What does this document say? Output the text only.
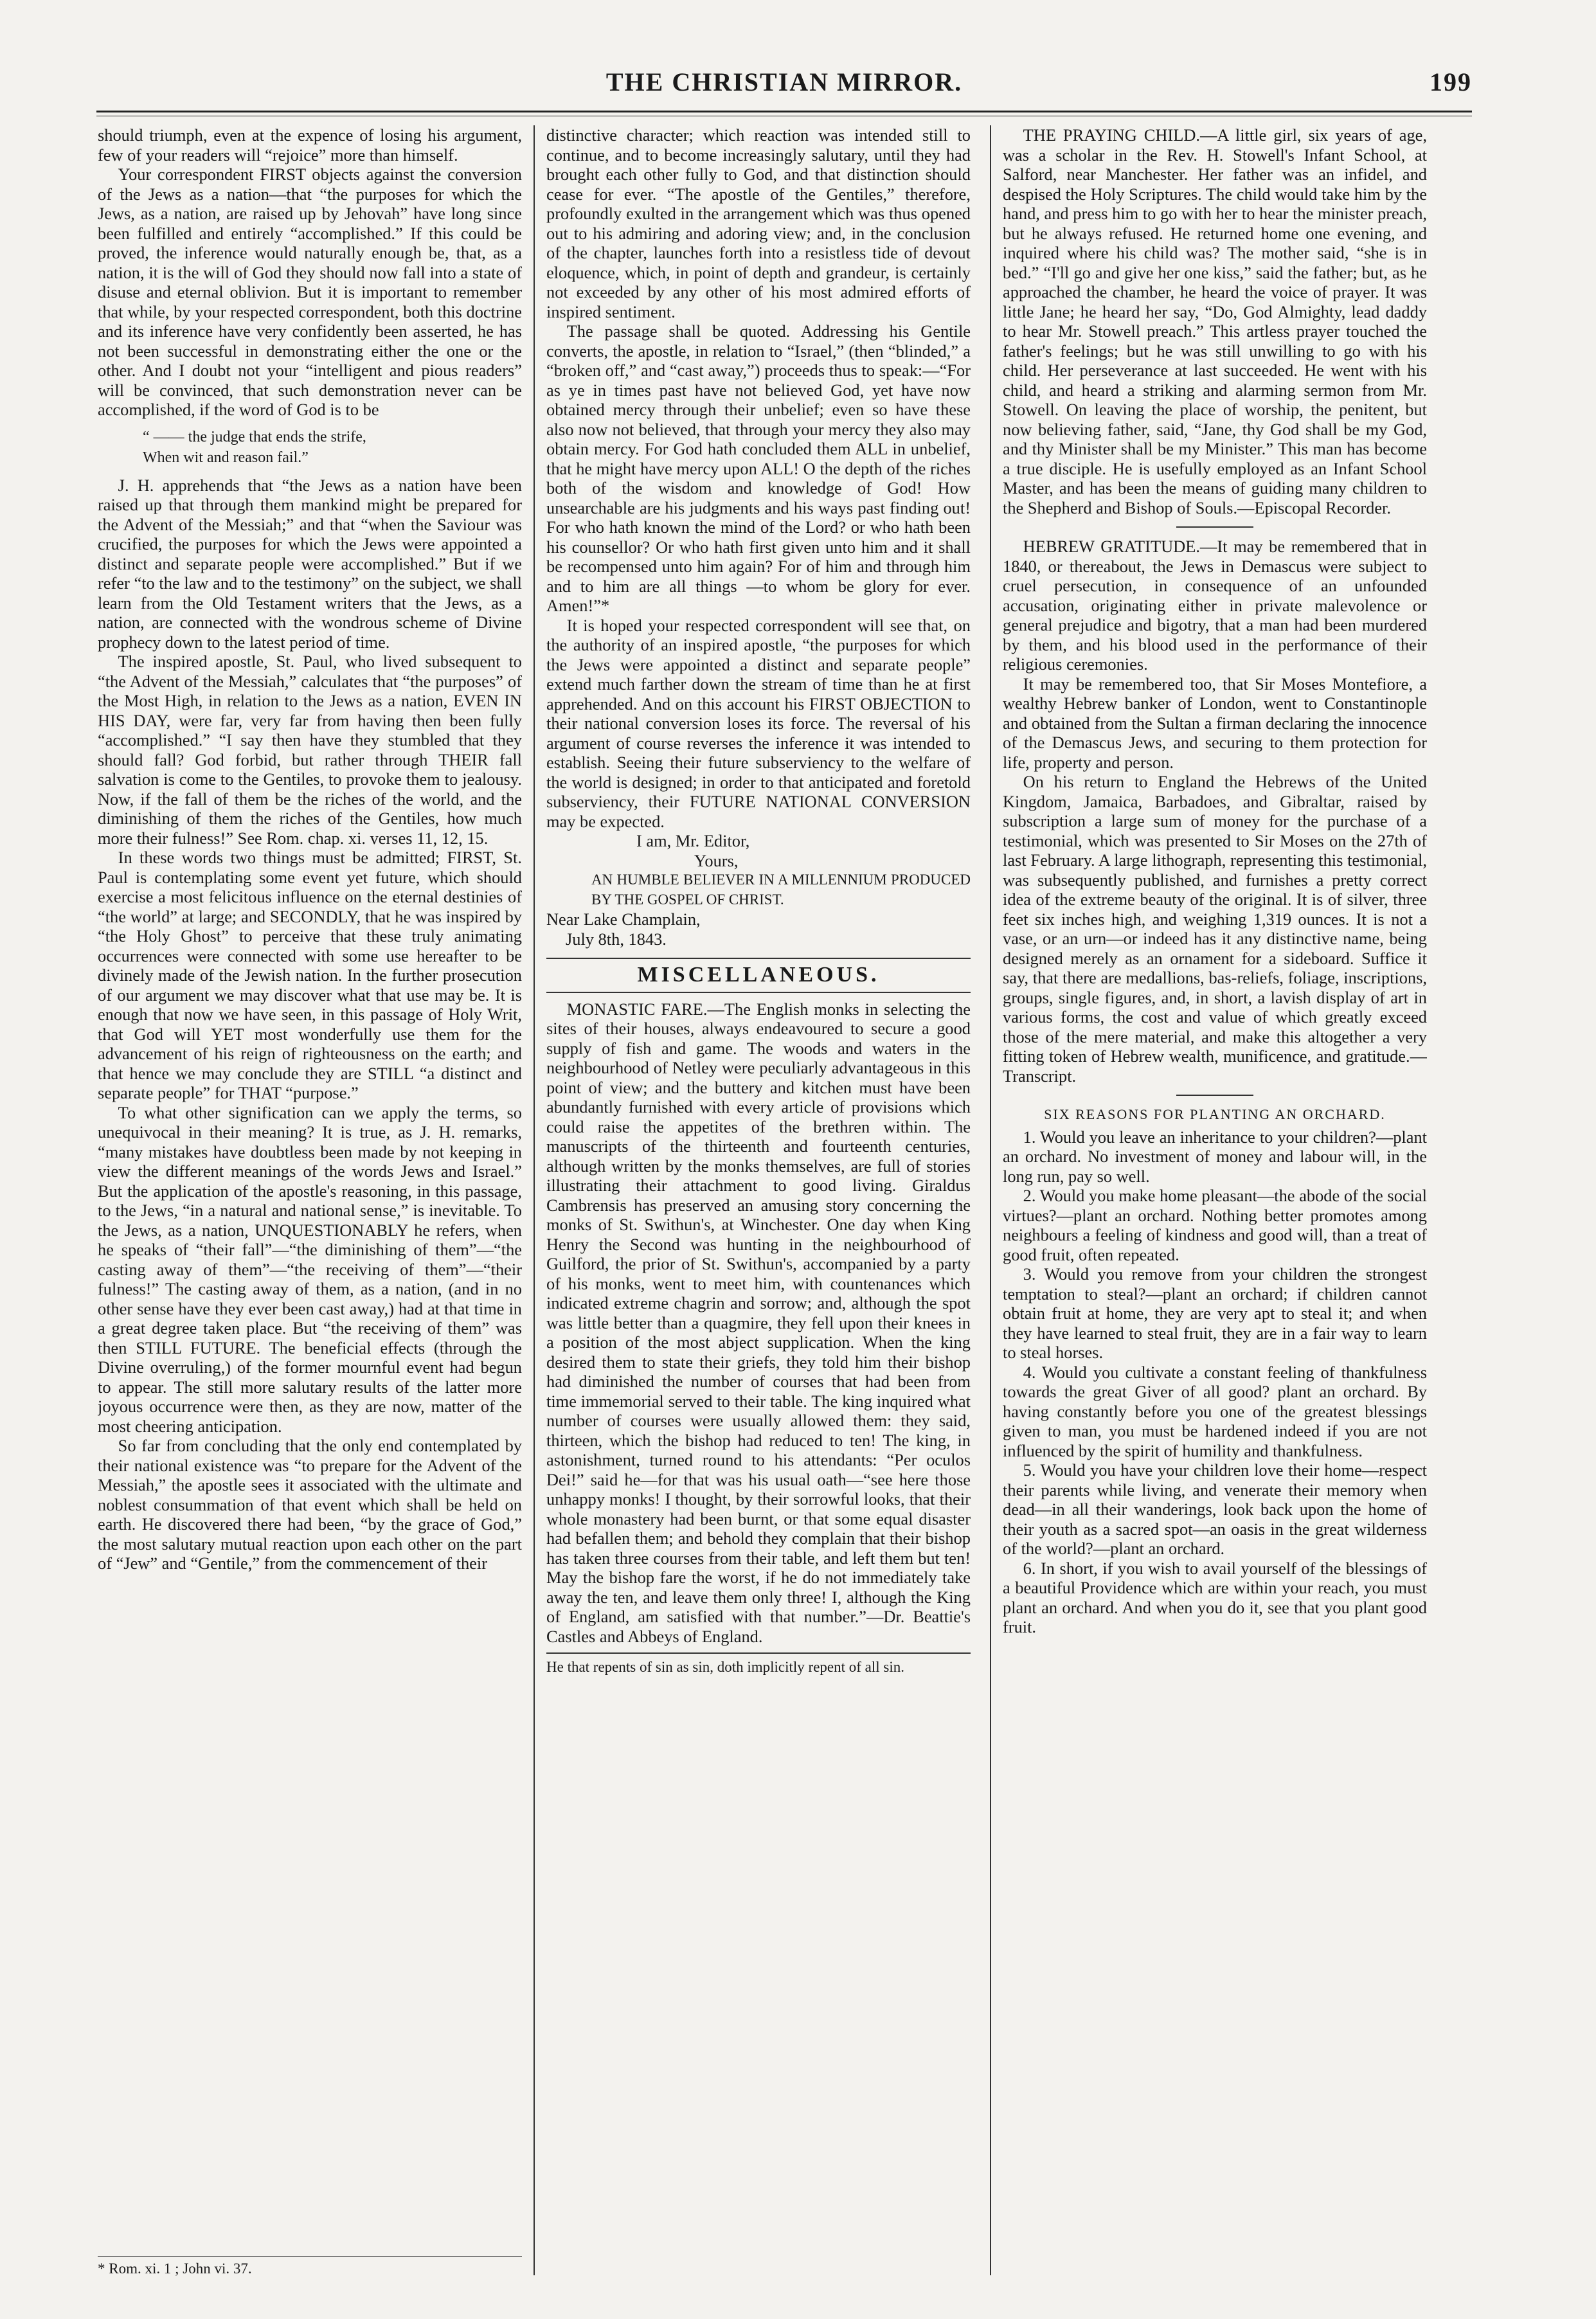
THE CHRISTIAN MIRROR.	199

should triumph, even at the expence of losing his argument, few of your readers will “rejoice” more than himself.

Your correspondent FIRST objects against the conversion of the Jews as a nation—that “the purposes for which the Jews, as a nation, are raised up by Jehovah” have long since been fulfilled and entirely “accomplished.” If this could be proved, the inference would naturally enough be, that, as a nation, it is the will of God they should now fall into a state of disuse and eternal oblivion. But it is important to remember that while, by your respected correspondent, both this doctrine and its inference have very confidently been asserted, he has not been successful in demonstrating either the one or the other. And I doubt not your “intelligent and pious readers” will be convinced, that such demonstration never can be accomplished, if the word of God is to be

“ —— the judge that ends the strife,

When wit and reason fail.”

J. H. apprehends that “the Jews as a nation have been raised up that through them mankind might be prepared for the Advent of the Messiah;” and that “when the Saviour was crucified, the purposes for which the Jews were appointed a distinct and separate people were accomplished.” But if we refer “to the law and to the testimony” on the subject, we shall learn from the Old Testament writers that the Jews, as a nation, are connected with the wondrous scheme of Divine prophecy down to the latest period of time.

The inspired apostle, St. Paul, who lived subsequent to “the Advent of the Messiah,” calculates that “the purposes” of the Most High, in relation to the Jews as a nation, EVEN IN HIS DAY, were far, very far from having then been fully “accomplished.” “I say then have they stumbled that they should fall? God forbid, but rather through THEIR fall salvation is come to the Gentiles, to provoke them to jealousy. Now, if the fall of them be the riches of the world, and the diminishing of them the riches of the Gentiles, how much more their fulness!” See Rom. chap. xi. verses 11, 12, 15.

In these words two things must be admitted; FIRST, St. Paul is contemplating some event yet future, which should exercise a most felicitous influence on the eternal destinies of “the world” at large; and SECONDLY, that he was inspired by “the Holy Ghost” to perceive that these truly animating occurrences were connected with some use hereafter to be divinely made of the Jewish nation. In the further prosecution of our argument we may discover what that use may be. It is enough that now we have seen, in this passage of Holy Writ, that God will YET most wonderfully use them for the advancement of his reign of righteousness on the earth; and that hence we may conclude they are STILL “a distinct and separate people” for THAT “purpose.”

To what other signification can we apply the terms, so unequivocal in their meaning? It is true, as J. H. remarks, “many mistakes have doubtless been made by not keeping in view the different meanings of the words Jews and Israel.” But the application of the apostle's reasoning, in this passage, to the Jews, “in a natural and national sense,” is inevitable. To the Jews, as a nation, UNQUESTIONABLY he refers, when he speaks of “their fall”—“the diminishing of them”—“the casting away of them”—“the receiving of them”—“their fulness!” The casting away of them, as a nation, (and in no other sense have they ever been cast away,) had at that time in a great degree taken place. But “the receiving of them” was then STILL FUTURE. The beneficial effects (through the Divine overruling,) of the former mournful event had begun to appear. The still more salutary results of the latter more joyous occurrence were then, as they are now, matter of the most cheering anticipation.

So far from concluding that the only end contemplated by their national existence was “to prepare for the Advent of the Messiah,” the apostle sees it associated with the ultimate and noblest consummation of that event which shall be held on earth. He discovered there had been, “by the grace of God,” the most salutary mutual reaction upon each other on the part of “Jew” and “Gentile,” from the commencement of their

* Rom. xi. 1 ; John vi. 37.

distinctive character; which reaction was intended still to continue, and to become increasingly salutary, until they had brought each other fully to God, and that distinction should cease for ever. “The apostle of the Gentiles,” therefore, profoundly exulted in the arrangement which was thus opened out to his admiring and adoring view; and, in the conclusion of the chapter, launches forth into a resistless tide of devout eloquence, which, in point of depth and grandeur, is certainly not exceeded by any other of his most admired efforts of inspired sentiment.

The passage shall be quoted. Addressing his Gentile converts, the apostle, in relation to “Israel,” (then “blinded,” a “broken off,” and “cast away,”) proceeds thus to speak:—“For as ye in times past have not believed God, yet have now obtained mercy through their unbelief; even so have these also now not believed, that through your mercy they also may obtain mercy. For God hath concluded them ALL in unbelief, that he might have mercy upon ALL! O the depth of the riches both of the wisdom and knowledge of God! How unsearchable are his judgments and his ways past finding out! For who hath known the mind of the Lord? or who hath been his counsellor? Or who hath first given unto him and it shall be recompensed unto him again? For of him and through him and to him are all things —to whom be glory for ever. Amen!”*

It is hoped your respected correspondent will see that, on the authority of an inspired apostle, “the purposes for which the Jews were appointed a distinct and separate people” extend much farther down the stream of time than he at first apprehended. And on this account his FIRST OBJECTION to their national conversion loses its force. The reversal of his argument of course reverses the inference it was intended to establish. Seeing their future subserviency to the welfare of the world is designed; in order to that anticipated and foretold subserviency, their FUTURE NATIONAL CONVERSION may be expected.

I am, Mr. Editor,

Yours,

AN HUMBLE BELIEVER IN A MILLENNIUM PRODUCED BY THE GOSPEL OF CHRIST.

Near Lake Champlain,

July 8th, 1843.

MISCELLANEOUS.

MONASTIC FARE.—The English monks in selecting the sites of their houses, always endeavoured to secure a good supply of fish and game. The woods and waters in the neighbourhood of Netley were peculiarly advantageous in this point of view; and the buttery and kitchen must have been abundantly furnished with every article of provisions which could raise the appetites of the brethren within. The manuscripts of the thirteenth and fourteenth centuries, although written by the monks themselves, are full of stories illustrating their attachment to good living. Giraldus Cambrensis has preserved an amusing story concerning the monks of St. Swithun's, at Winchester. One day when King Henry the Second was hunting in the neighbourhood of Guilford, the prior of St. Swithun's, accompanied by a party of his monks, went to meet him, with countenances which indicated extreme chagrin and sorrow; and, although the spot was little better than a quagmire, they fell upon their knees in a position of the most abject supplication. When the king desired them to state their griefs, they told him their bishop had diminished the number of courses that had been from time immemorial served to their table. The king inquired what number of courses were usually allowed them: they said, thirteen, which the bishop had reduced to ten! The king, in astonishment, turned round to his attendants: “Per oculos Dei!” said he—for that was his usual oath—“see here those unhappy monks! I thought, by their sorrowful looks, that their whole monastery had been burnt, or that some equal disaster had befallen them; and behold they complain that their bishop has taken three courses from their table, and left them but ten! May the bishop fare the worst, if he do not immediately take away the ten, and leave them only three! I, although the King of England, am satisfied with that number.”—Dr. Beattie's Castles and Abbeys of England.

He that repents of sin as sin, doth implicitly repent of all sin.

THE PRAYING CHILD.—A little girl, six years of age, was a scholar in the Rev. H. Stowell's Infant School, at Salford, near Manchester. Her father was an infidel, and despised the Holy Scriptures. The child would take him by the hand, and press him to go with her to hear the minister preach, but he always refused. He returned home one evening, and inquired where his child was? The mother said, “she is in bed.” “I'll go and give her one kiss,” said the father; but, as he approached the chamber, he heard the voice of prayer. It was little Jane; he heard her say, “Do, God Almighty, lead daddy to hear Mr. Stowell preach.” This artless prayer touched the father's feelings; but he was still unwilling to go with his child. Her perseverance at last succeeded. He went with his child, and heard a striking and alarming sermon from Mr. Stowell. On leaving the place of worship, the penitent, but now believing father, said, “Jane, thy God shall be my God, and thy Minister shall be my Minister.” This man has become a true disciple. He is usefully employed as an Infant School Master, and has been the means of guiding many children to the Shepherd and Bishop of Souls.—Episcopal Recorder.

HEBREW GRATITUDE.—It may be remembered that in 1840, or thereabout, the Jews in Demascus were subject to cruel persecution, in consequence of an unfounded accusation, originating either in private malevolence or general prejudice and bigotry, that a man had been murdered by them, and his blood used in the performance of their religious ceremonies.

It may be remembered too, that Sir Moses Montefiore, a wealthy Hebrew banker of London, went to Constantinople and obtained from the Sultan a firman declaring the innocence of the Demascus Jews, and securing to them protection for life, property and person.

On his return to England the Hebrews of the United Kingdom, Jamaica, Barbadoes, and Gibraltar, raised by subscription a large sum of money for the purchase of a testimonial, which was presented to Sir Moses on the 27th of last February. A large lithograph, representing this testimonial, was subsequently published, and furnishes a pretty correct idea of the extreme beauty of the original. It is of silver, three feet six inches high, and weighing 1,319 ounces. It is not a vase, or an urn—or indeed has it any distinctive name, being designed merely as an ornament for a sideboard. Suffice it say, that there are medallions, bas-reliefs, foliage, inscriptions, groups, single figures, and, in short, a lavish display of art in various forms, the cost and value of which greatly exceed those of the mere material, and make this altogether a very fitting token of Hebrew wealth, munificence, and gratitude.—Transcript.

SIX REASONS FOR PLANTING AN ORCHARD.

1. Would you leave an inheritance to your children?—plant an orchard. No investment of money and labour will, in the long run, pay so well.

2. Would you make home pleasant—the abode of the social virtues?—plant an orchard. Nothing better promotes among neighbours a feeling of kindness and good will, than a treat of good fruit, often repeated.

3. Would you remove from your children the strongest temptation to steal?—plant an orchard; if children cannot obtain fruit at home, they are very apt to steal it; and when they have learned to steal fruit, they are in a fair way to learn to steal horses.

4. Would you cultivate a constant feeling of thankfulness towards the great Giver of all good? plant an orchard. By having constantly before you one of the greatest blessings given to man, you must be hardened indeed if you are not influenced by the spirit of humility and thankfulness.

5. Would you have your children love their home—respect their parents while living, and venerate their memory when dead—in all their wanderings, look back upon the home of their youth as a sacred spot—an oasis in the great wilderness of the world?—plant an orchard.

6. In short, if you wish to avail yourself of the blessings of a beautiful Providence which are within your reach, you must plant an orchard. And when you do it, see that you plant good fruit.
